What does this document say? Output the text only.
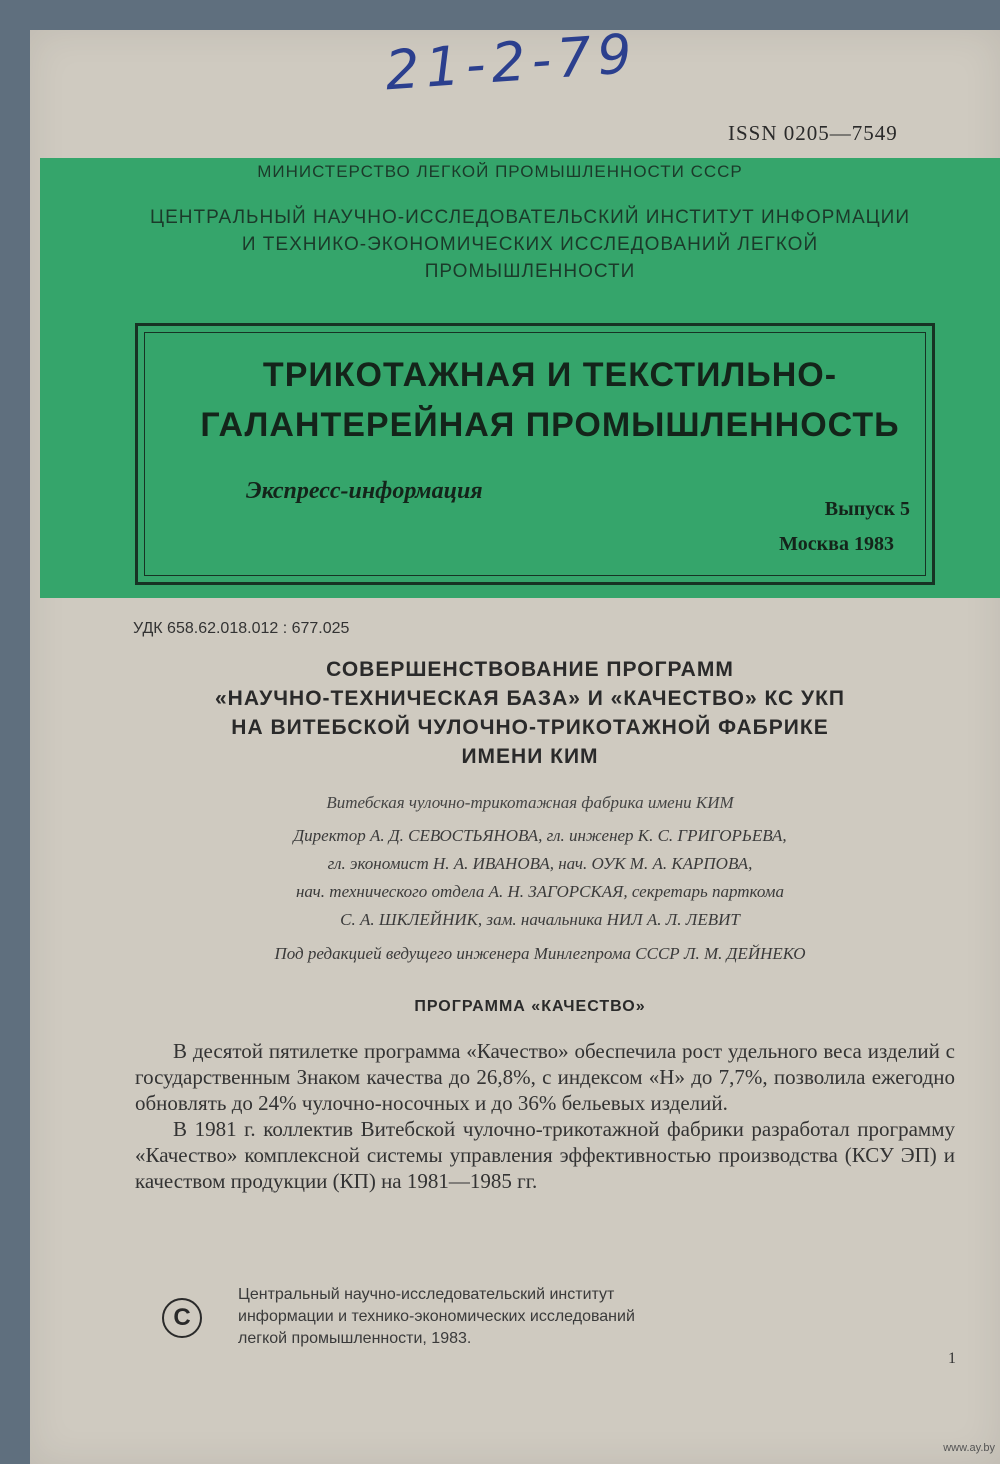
21-2-79
ISSN 0205—7549
МИНИСТЕРСТВО ЛЕГКОЙ ПРОМЫШЛЕННОСТИ СССР
ЦЕНТРАЛЬНЫЙ НАУЧНО-ИССЛЕДОВАТЕЛЬСКИЙ ИНСТИТУТ ИНФОРМАЦИИ И ТЕХНИКО-ЭКОНОМИЧЕСКИХ ИССЛЕДОВАНИЙ ЛЕГКОЙ ПРОМЫШЛЕННОСТИ
ТРИКОТАЖНАЯ И ТЕКСТИЛЬНО-
ГАЛАНТЕРЕЙНАЯ ПРОМЫШЛЕННОСТЬ
Экспресс-информация
Выпуск 5
Москва 1983
УДК 658.62.018.012 : 677.025
СОВЕРШЕНСТВОВАНИЕ ПРОГРАММ
«НАУЧНО-ТЕХНИЧЕСКАЯ БАЗА» И «КАЧЕСТВО» КС УКП
НА ВИТЕБСКОЙ ЧУЛОЧНО-ТРИКОТАЖНОЙ ФАБРИКЕ
ИМЕНИ КИМ
Витебская чулочно-трикотажная фабрика имени КИМ
Директор А. Д. СЕВОСТЬЯНОВА, гл. инженер К. С. ГРИГОРЬЕВА,
гл. экономист Н. А. ИВАНОВА, нач. ОУК М. А. КАРПОВА,
нач. технического отдела А. Н. ЗАГОРСКАЯ, секретарь парткома
С. А. ШКЛЕЙНИК, зам. начальника НИЛ А. Л. ЛЕВИТ
Под редакцией ведущего инженера Минлегпрома СССР Л. М. ДЕЙНЕКО
ПРОГРАММА «КАЧЕСТВО»

В десятой пятилетке программа «Качество» обеспечила рост удельного веса изделий с государственным Знаком качества до 26,8%, с индексом «Н» до 7,7%, позволила ежегодно обновлять до 24% чулочно-носочных и до 36% бельевых изделий.

В 1981 г. коллектив Витебской чулочно-трикотажной фабрики разработал программу «Качество» комплексной системы управления эффективностью производства (КСУ ЭП) и качеством продукции (КП) на 1981—1985 гг.

С
Центральный научно-исследовательский институт
информации и технико-экономических исследований
легкой промышленности, 1983.
1
www.ay.by
